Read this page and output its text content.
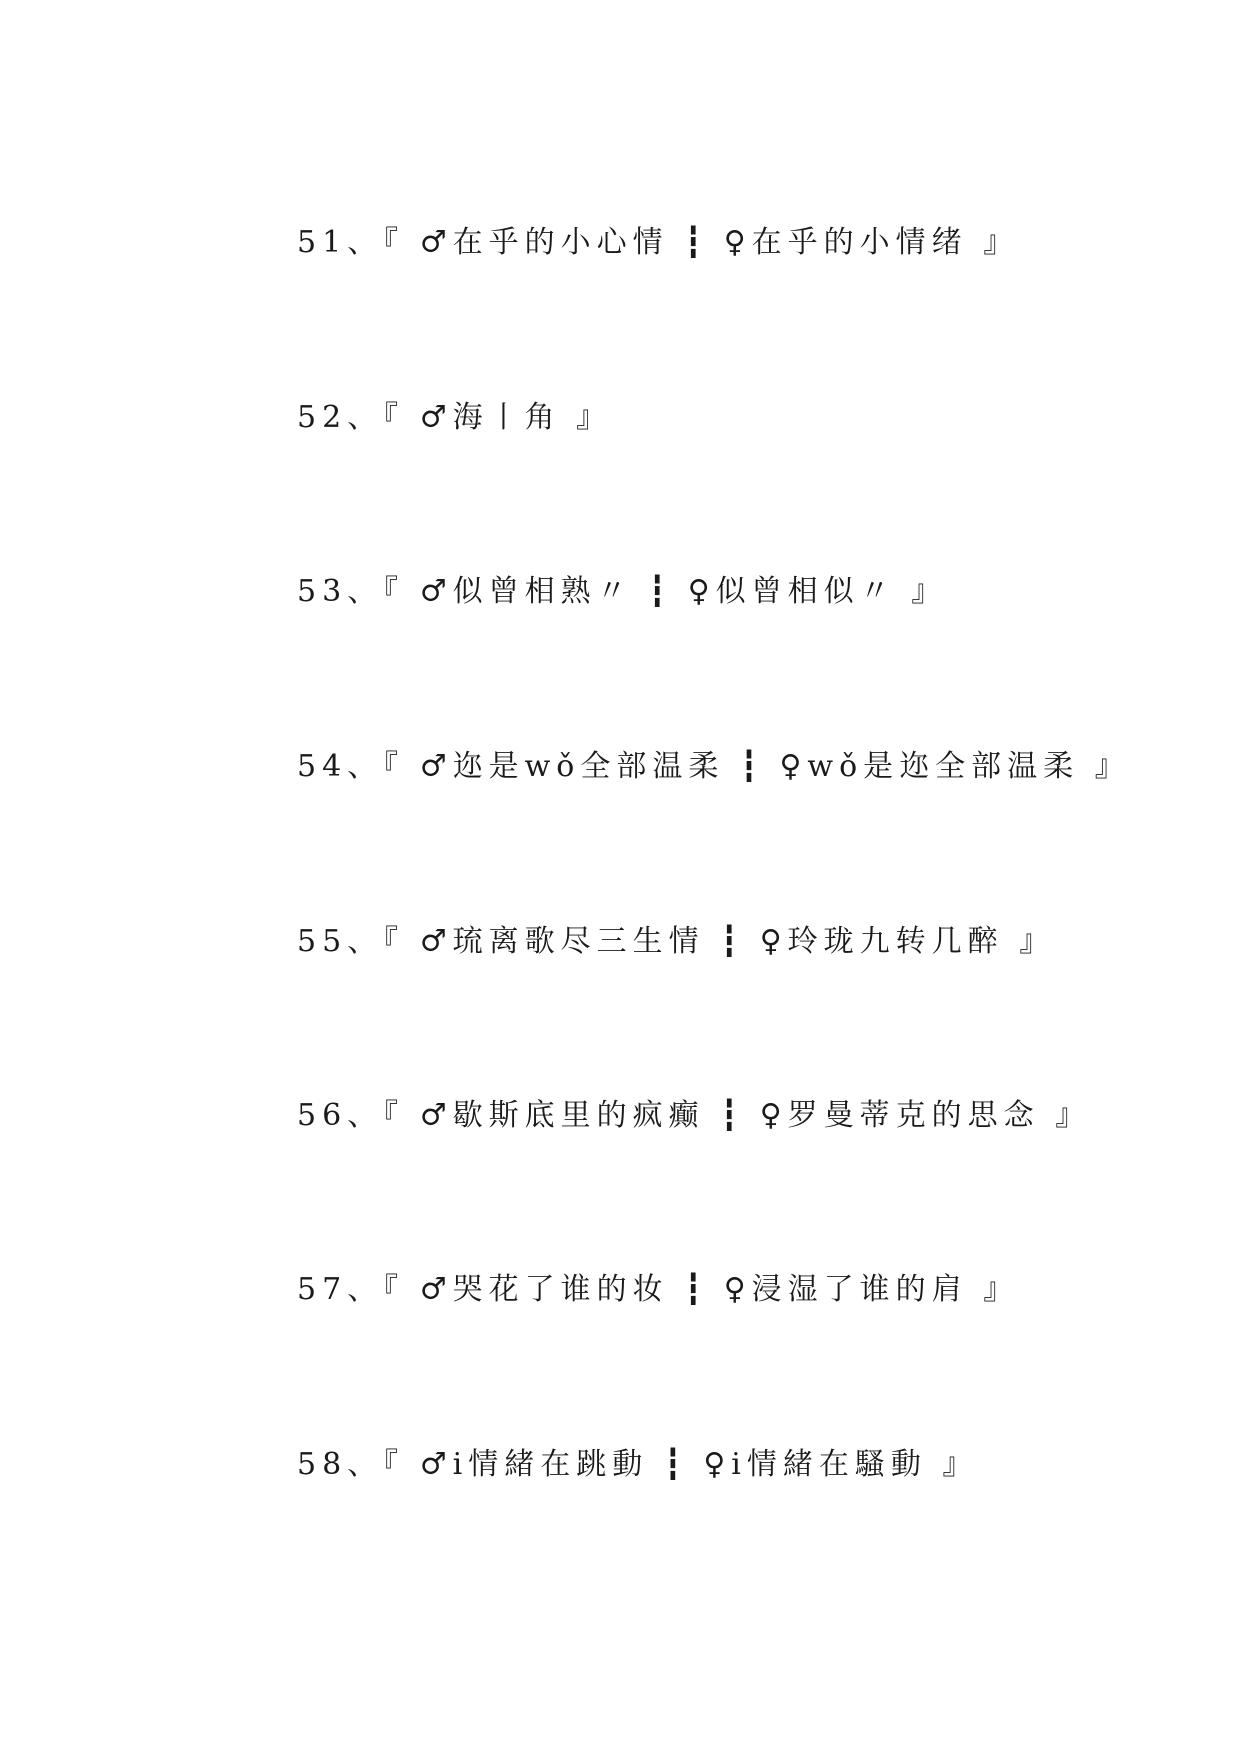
51、『 ♂在乎的小心情 ┇ ♀在乎的小情绪 』
52、『 ♂海丨角 』
53、『 ♂似曾相熟〃 ┇ ♀似曾相似〃 』
54、『 ♂迩是wǒ全部温柔 ┇ ♀wǒ是迩全部温柔 』
55、『 ♂琉离歌尽三生情 ┇ ♀玲珑九转几醉 』
56、『 ♂歇斯底里的疯癫 ┇ ♀罗曼蒂克的思念 』
57、『 ♂哭花了谁的妆 ┇ ♀浸湿了谁的肩 』
58、『 ♂i情緒在跳動 ┇ ♀i情緒在騷動 』
